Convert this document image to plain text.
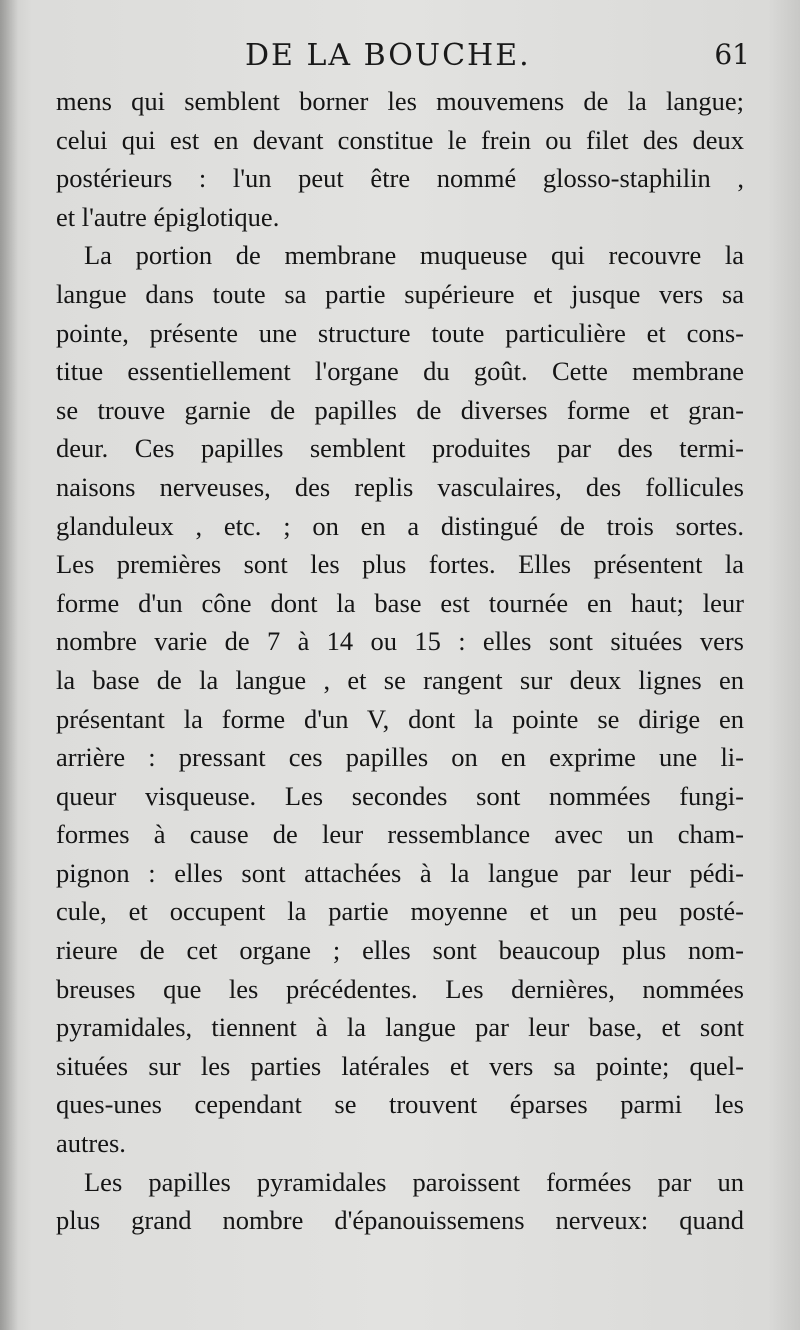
DE LA BOUCHE.	61
mens qui semblent borner les mouvemens de la langue;
celui qui est en devant constitue le frein ou filet des deux
postérieurs : l'un peut être nommé glosso-staphilin ,
et l'autre épiglotique.
La portion de membrane muqueuse qui recouvre la
langue dans toute sa partie supérieure et jusque vers sa
pointe, présente une structure toute particulière et cons-
titue essentiellement l'organe du goût. Cette membrane
se trouve garnie de papilles de diverses forme et gran-
deur. Ces papilles semblent produites par des termi-
naisons nerveuses, des replis vasculaires, des follicules
glanduleux , etc. ; on en a distingué de trois sortes.
Les premières sont les plus fortes. Elles présentent la
forme d'un cône dont la base est tournée en haut; leur
nombre varie de 7 à 14 ou 15 : elles sont situées vers
la base de la langue , et se rangent sur deux lignes en
présentant la forme d'un V, dont la pointe se dirige en
arrière : pressant ces papilles on en exprime une li-
queur visqueuse. Les secondes sont nommées fungi-
formes à cause de leur ressemblance avec un cham-
pignon : elles sont attachées à la langue par leur pédi-
cule, et occupent la partie moyenne et un peu posté-
rieure de cet organe ; elles sont beaucoup plus nom-
breuses que les précédentes. Les dernières, nommées
pyramidales, tiennent à la langue par leur base, et sont
situées sur les parties latérales et vers sa pointe; quel-
ques-unes cependant se trouvent éparses parmi les
autres.
Les papilles pyramidales paroissent formées par un
plus grand nombre d'épanouissemens nerveux: quand
